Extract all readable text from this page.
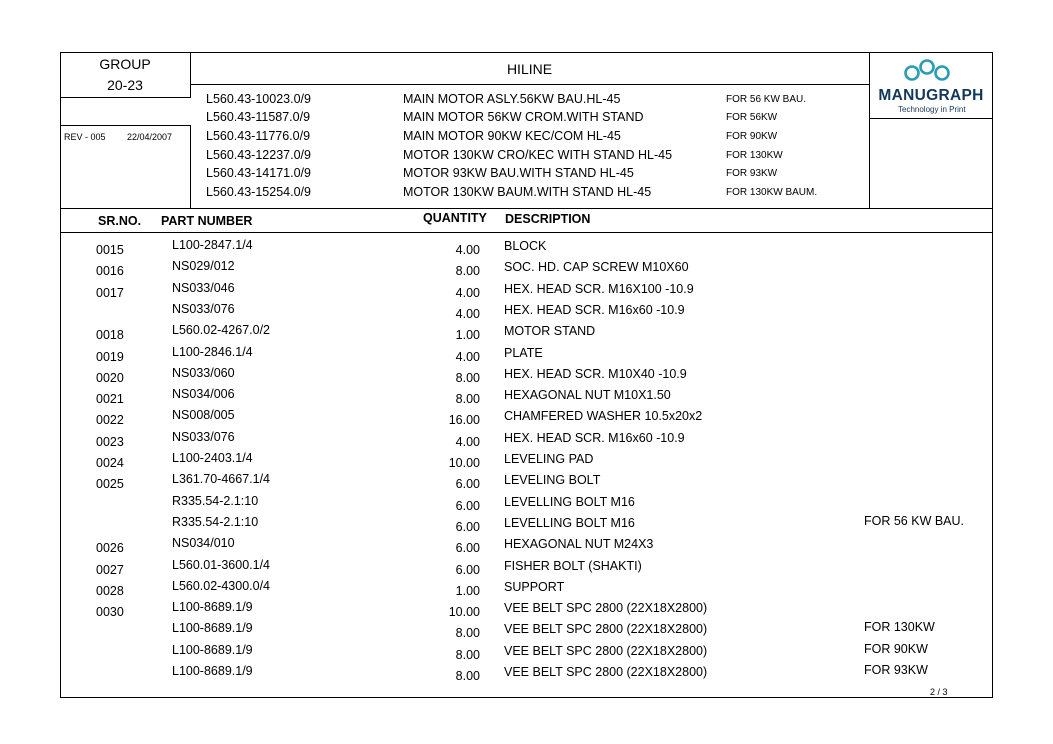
GROUP
20-23
REV - 005 22/04/2007
HILINE
MANUGRAPH
Technology in Print
L560.43-10023.0/9	MAIN MOTOR ASLY.56KW BAU.HL-45	FOR 56 KW BAU.
L560.43-11587.0/9	MAIN MOTOR 56KW CROM.WITH STAND	FOR 56KW
L560.43-11776.0/9	MAIN MOTOR 90KW KEC/COM HL-45	FOR 90KW
L560.43-12237.0/9	MOTOR 130KW CRO/KEC WITH STAND HL-45	FOR 130KW
L560.43-14171.0/9	MOTOR 93KW BAU.WITH STAND HL-45	FOR 93KW
L560.43-15254.0/9	MOTOR 130KW BAUM.WITH STAND HL-45	FOR 130KW BAUM.
SR.NO. PART NUMBER	QUANTITY DESCRIPTION
0015	L100-2847.1/4	4.00 BLOCK
0016	NS029/012	8.00 SOC. HD. CAP SCREW M10X60
0017	NS033/046	4.00 HEX. HEAD SCR. M16X100 -10.9
NS033/076	4.00 HEX. HEAD SCR. M16x60 -10.9
0018	L560.02-4267.0/2	1.00 MOTOR STAND
0019	L100-2846.1/4	4.00 PLATE
0020	NS033/060	8.00 HEX. HEAD SCR. M10X40 -10.9
0021	NS034/006	8.00 HEXAGONAL NUT M10X1.50
0022	NS008/005	16.00 CHAMFERED WASHER 10.5x20x2
0023	NS033/076	4.00 HEX. HEAD SCR. M16x60 -10.9
0024	L100-2403.1/4	10.00 LEVELING PAD
0025	L361.70-4667.1/4	6.00 LEVELING BOLT
R335.54-2.1:10	6.00 LEVELLING BOLT M16
R335.54-2.1:10	6.00 LEVELLING BOLT M16	FOR 56 KW BAU.
0026	NS034/010	6.00 HEXAGONAL NUT M24X3
0027	L560.01-3600.1/4	6.00 FISHER BOLT (SHAKTI)
0028	L560.02-4300.0/4	1.00 SUPPORT
0030	L100-8689.1/9	10.00 VEE BELT SPC 2800 (22X18X2800)
L100-8689.1/9	8.00 VEE BELT SPC 2800 (22X18X2800)	FOR 130KW
L100-8689.1/9	8.00 VEE BELT SPC 2800 (22X18X2800)	FOR 90KW
L100-8689.1/9	8.00 VEE BELT SPC 2800 (22X18X2800)	FOR 93KW
2 / 3
